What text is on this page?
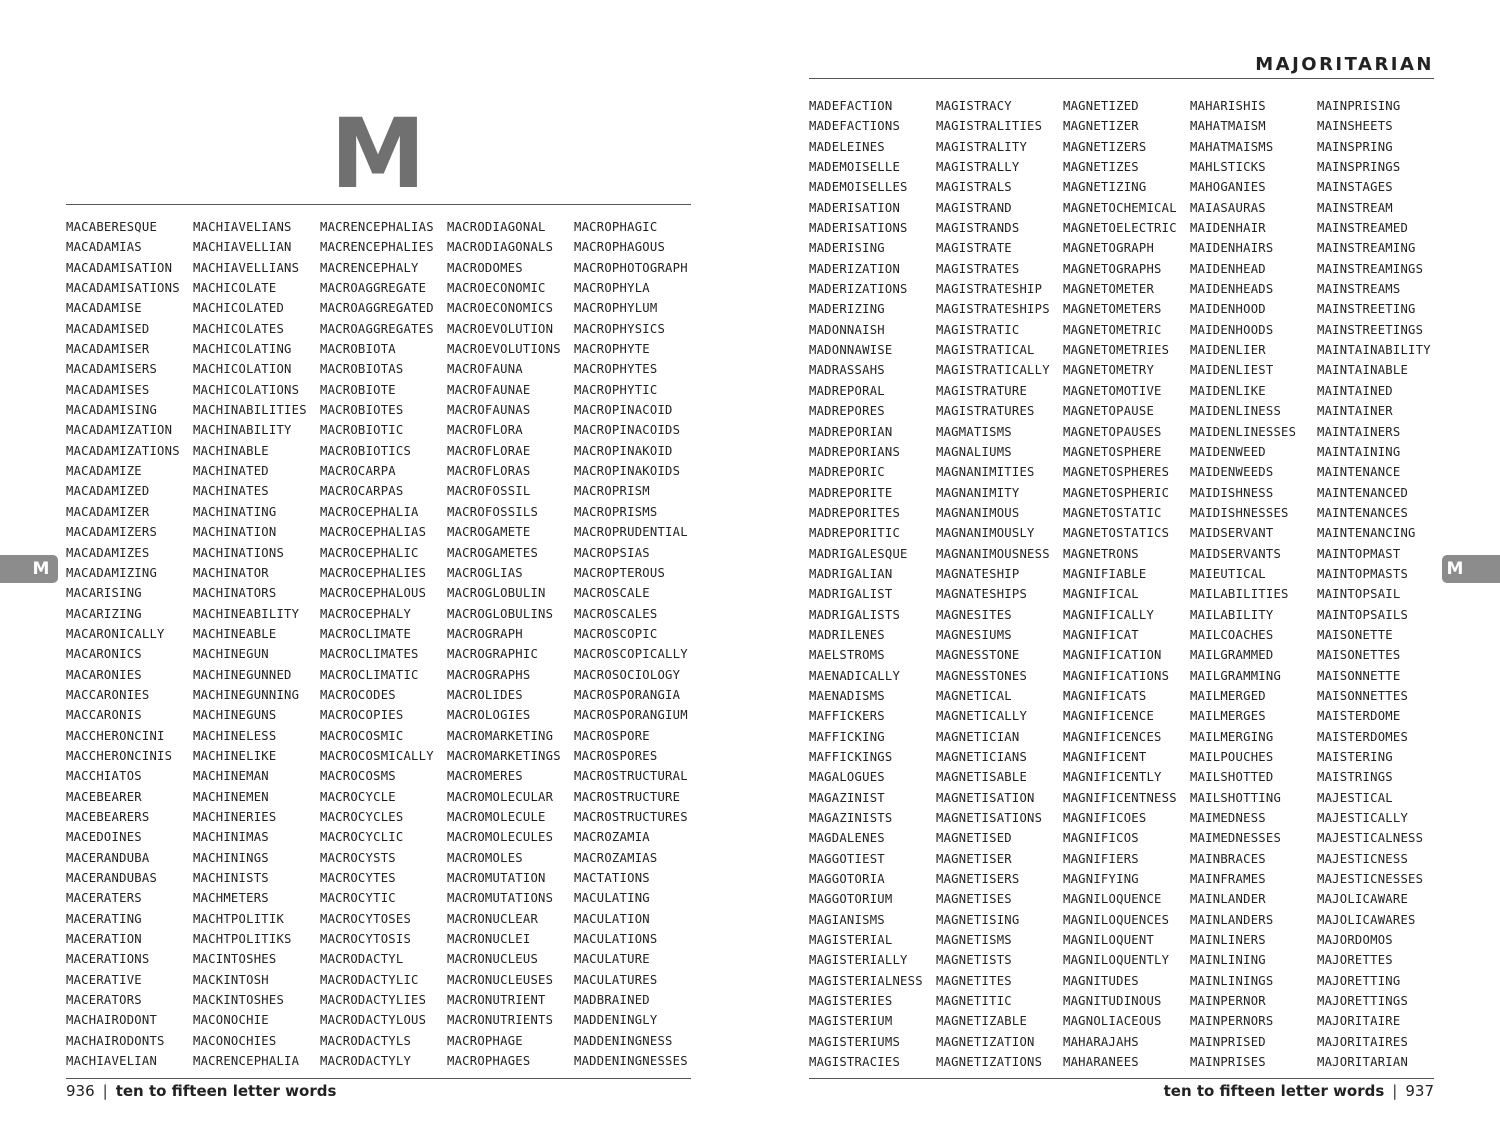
M
MACABERESQUE
MACADAMIAS
MACADAMISATION
MACADAMISATIONS
MACADAMISE
MACADAMISED
MACADAMISER
MACADAMISERS
MACADAMISES
MACADAMISING
MACADAMIZATION
MACADAMIZATIONS
MACADAMIZE
MACADAMIZED
MACADAMIZER
MACADAMIZERS
MACADAMIZES
MACADAMIZING
MACARISING
MACARIZING
MACARONICALLY
MACARONICS
MACARONIES
MACCARONIES
MACCARONIS
MACCHERONCINI
MACCHERONCINIS
MACCHIATOS
MACEBEARER
MACEBEARERS
MACEDOINES
MACERANDUBA
MACERANDUBAS
MACERATERS
MACERATING
MACERATION
MACERATIONS
MACERATIVE
MACERATORS
MACHAIRODONT
MACHAIRODONTS
MACHIAVELIAN
MACHIAVELIANS
MACHIAVELLIAN
MACHIAVELLIANS
MACHICOLATE
MACHICOLATED
MACHICOLATES
MACHICOLATING
MACHICOLATION
MACHICOLATIONS
MACHINABILITIES
MACHINABILITY
MACHINABLE
MACHINATED
MACHINATES
MACHINATING
MACHINATION
MACHINATIONS
MACHINATOR
MACHINATORS
MACHINEABILITY
MACHINEABLE
MACHINEGUN
MACHINEGUNNED
MACHINEGUNNING
MACHINEGUNS
MACHINELESS
MACHINELIKE
MACHINEMAN
MACHINEMEN
MACHINERIES
MACHINIMAS
MACHININGS
MACHINISTS
MACHMETERS
MACHTPOLITIK
MACHTPOLITIKS
MACINTOSHES
MACKINTOSH
MACKINTOSHES
MACONOCHIE
MACONOCHIES
MACRENCEPHALIA
MACRENCEPHALIAS
MACRENCEPHALIES
MACRENCEPHALY
MACROAGGREGATE
MACROAGGREGATED
MACROAGGREGATES
MACROBIOTA
MACROBIOTAS
MACROBIOTE
MACROBIOTES
MACROBIOTIC
MACROBIOTICS
MACROCARPA
MACROCARPAS
MACROCEPHALIA
MACROCEPHALIAS
MACROCEPHALIC
MACROCEPHALIES
MACROCEPHALOUS
MACROCEPHALY
MACROCLIMATE
MACROCLIMATES
MACROCLIMATIC
MACROCODES
MACROCOPIES
MACROCOSMIC
MACROCOSMICALLY
MACROCOSMS
MACROCYCLE
MACROCYCLES
MACROCYCLIC
MACROCYSTS
MACROCYTES
MACROCYTIC
MACROCYTOSES
MACROCYTOSIS
MACRODACTYL
MACRODACTYLIC
MACRODACTYLIES
MACRODACTYLOUS
MACRODACTYLS
MACRODACTYLY
MACRODIAGONAL
MACRODIAGONALS
MACRODOMES
MACROECONOMIC
MACROECONOMICS
MACROEVOLUTION
MACROEVOLUTIONS
MACROFAUNA
MACROFAUNAE
MACROFAUNAS
MACROFLORA
MACROFLORAE
MACROFLORAS
MACROFOSSIL
MACROFOSSILS
MACROGAMETE
MACROGAMETES
MACROGLIAS
MACROGLOBULIN
MACROGLOBULINS
MACROGRAPH
MACROGRAPHIC
MACROGRAPHS
MACROLIDES
MACROLOGIES
MACROMARKETING
MACROMARKETINGS
MACROMERES
MACROMOLECULAR
MACROMOLECULE
MACROMOLECULES
MACROMOLES
MACROMUTATION
MACROMUTATIONS
MACRONUCLEAR
MACRONUCLEI
MACRONUCLEUS
MACRONUCLEUSES
MACRONUTRIENT
MACRONUTRIENTS
MACROPHAGE
MACROPHAGES
MACROPHAGIC
MACROPHAGOUS
MACROPHOTOGRAPH
MACROPHYLA
MACROPHYLUM
MACROPHYSICS
MACROPHYTE
MACROPHYTES
MACROPHYTIC
MACROPINACOID
MACROPINACOIDS
MACROPINAKOID
MACROPINAKOIDS
MACROPRISM
MACROPRISMS
MACROPRUDENTIAL
MACROPSIAS
MACROPTEROUS
MACROSCALE
MACROSCALES
MACROSCOPIC
MACROSCOPICALLY
MACROSOCIOLOGY
MACROSPORANGIA
MACROSPORANGIUM
MACROSPORE
MACROSPORES
MACROSTRUCTURAL
MACROSTRUCTURE
MACROSTRUCTURES
MACROZAMIA
MACROZAMIAS
MACTATIONS
MACULATING
MACULATION
MACULATIONS
MACULATURE
MACULATURES
MADBRAINED
MADDENINGLY
MADDENINGNESS
MADDENINGNESSES
M
936 | ten to fifteen letter words
MAJORITARIAN
MADEFACTION
MADEFACTIONS
MADELEINES
MADEMOISELLE
MADEMOISELLES
MADERISATION
MADERISATIONS
MADERISING
MADERIZATION
MADERIZATIONS
MADERIZING
MADONNAISH
MADONNAWISE
MADRASSAHS
MADREPORAL
MADREPORES
MADREPORIAN
MADREPORIANS
MADREPORIC
MADREPORITE
MADREPORITES
MADREPORITIC
MADRIGALESQUE
MADRIGALIAN
MADRIGALIST
MADRIGALISTS
MADRILENES
MAELSTROMS
MAENADICALLY
MAENADISMS
MAFFICKERS
MAFFICKING
MAFFICKINGS
MAGALOGUES
MAGAZINIST
MAGAZINISTS
MAGDALENES
MAGGOTIEST
MAGGOTORIA
MAGGOTORIUM
MAGIANISMS
MAGISTERIAL
MAGISTERIALLY
MAGISTERIALNESS
MAGISTERIES
MAGISTERIUM
MAGISTERIUMS
MAGISTRACIES
MAGISTRACY
MAGISTRALITIES
MAGISTRALITY
MAGISTRALLY
MAGISTRALS
MAGISTRAND
MAGISTRANDS
MAGISTRATE
MAGISTRATES
MAGISTRATESHIP
MAGISTRATESHIPS
MAGISTRATIC
MAGISTRATICAL
MAGISTRATICALLY
MAGISTRATURE
MAGISTRATURES
MAGMATISMS
MAGNALIUMS
MAGNANIMITIES
MAGNANIMITY
MAGNANIMOUS
MAGNANIMOUSLY
MAGNANIMOUSNESS
MAGNATESHIP
MAGNATESHIPS
MAGNESITES
MAGNESIUMS
MAGNESSTONE
MAGNESSTONES
MAGNETICAL
MAGNETICALLY
MAGNETICIAN
MAGNETICIANS
MAGNETISABLE
MAGNETISATION
MAGNETISATIONS
MAGNETISED
MAGNETISER
MAGNETISERS
MAGNETISES
MAGNETISING
MAGNETISMS
MAGNETISTS
MAGNETITES
MAGNETITIC
MAGNETIZABLE
MAGNETIZATION
MAGNETIZATIONS
MAGNETIZED
MAGNETIZER
MAGNETIZERS
MAGNETIZES
MAGNETIZING
MAGNETOCHEMICAL
MAGNETOELECTRIC
MAGNETOGRAPH
MAGNETOGRAPHS
MAGNETOMETER
MAGNETOMETERS
MAGNETOMETRIC
MAGNETOMETRIES
MAGNETOMETRY
MAGNETOMOTIVE
MAGNETOPAUSE
MAGNETOPAUSES
MAGNETOSPHERE
MAGNETOSPHERES
MAGNETOSPHERIC
MAGNETOSTATIC
MAGNETOSTATICS
MAGNETRONS
MAGNIFIABLE
MAGNIFICAL
MAGNIFICALLY
MAGNIFICAT
MAGNIFICATION
MAGNIFICATIONS
MAGNIFICATS
MAGNIFICENCE
MAGNIFICENCES
MAGNIFICENT
MAGNIFICENTLY
MAGNIFICENTNESS
MAGNIFICOES
MAGNIFICOS
MAGNIFIERS
MAGNIFYING
MAGNILOQUENCE
MAGNILOQUENCES
MAGNILOQUENT
MAGNILOQUENTLY
MAGNITUDES
MAGNITUDINOUS
MAGNOLIACEOUS
MAHARAJAHS
MAHARANEES
MAHARISHIS
MAHATMAISM
MAHATMAISMS
MAHLSTICKS
MAHOGANIES
MAIASAURAS
MAIDENHAIR
MAIDENHAIRS
MAIDENHEAD
MAIDENHEADS
MAIDENHOOD
MAIDENHOODS
MAIDENLIER
MAIDENLIEST
MAIDENLIKE
MAIDENLINESS
MAIDENLINESSES
MAIDENWEED
MAIDENWEEDS
MAIDISHNESS
MAIDISHNESSES
MAIDSERVANT
MAIDSERVANTS
MAIEUTICAL
MAILABILITIES
MAILABILITY
MAILCOACHES
MAILGRAMMED
MAILGRAMMING
MAILMERGED
MAILMERGES
MAILMERGING
MAILPOUCHES
MAILSHOTTED
MAILSHOTTING
MAIMEDNESS
MAIMEDNESSES
MAINBRACES
MAINFRAMES
MAINLANDER
MAINLANDERS
MAINLINERS
MAINLINING
MAINLININGS
MAINPERNOR
MAINPERNORS
MAINPRISED
MAINPRISES
MAINPRISING
MAINSHEETS
MAINSPRING
MAINSPRINGS
MAINSTAGES
MAINSTREAM
MAINSTREAMED
MAINSTREAMING
MAINSTREAMINGS
MAINSTREAMS
MAINSTREETING
MAINSTREETINGS
MAINTAINABILITY
MAINTAINABLE
MAINTAINED
MAINTAINER
MAINTAINERS
MAINTAINING
MAINTENANCE
MAINTENANCED
MAINTENANCES
MAINTENANCING
MAINTOPMAST
MAINTOPMASTS
MAINTOPSAIL
MAINTOPSAILS
MAISONETTE
MAISONETTES
MAISONNETTE
MAISONNETTES
MAISTERDOME
MAISTERDOMES
MAISTERING
MAISTRINGS
MAJESTICAL
MAJESTICALLY
MAJESTICALNESS
MAJESTICNESS
MAJESTICNESSES
MAJOLICAWARE
MAJOLICAWARES
MAJORDOMOS
MAJORETTES
MAJORETTING
MAJORETTINGS
MAJORITAIRE
MAJORITAIRES
MAJORITARIAN
M
ten to fifteen letter words | 937
